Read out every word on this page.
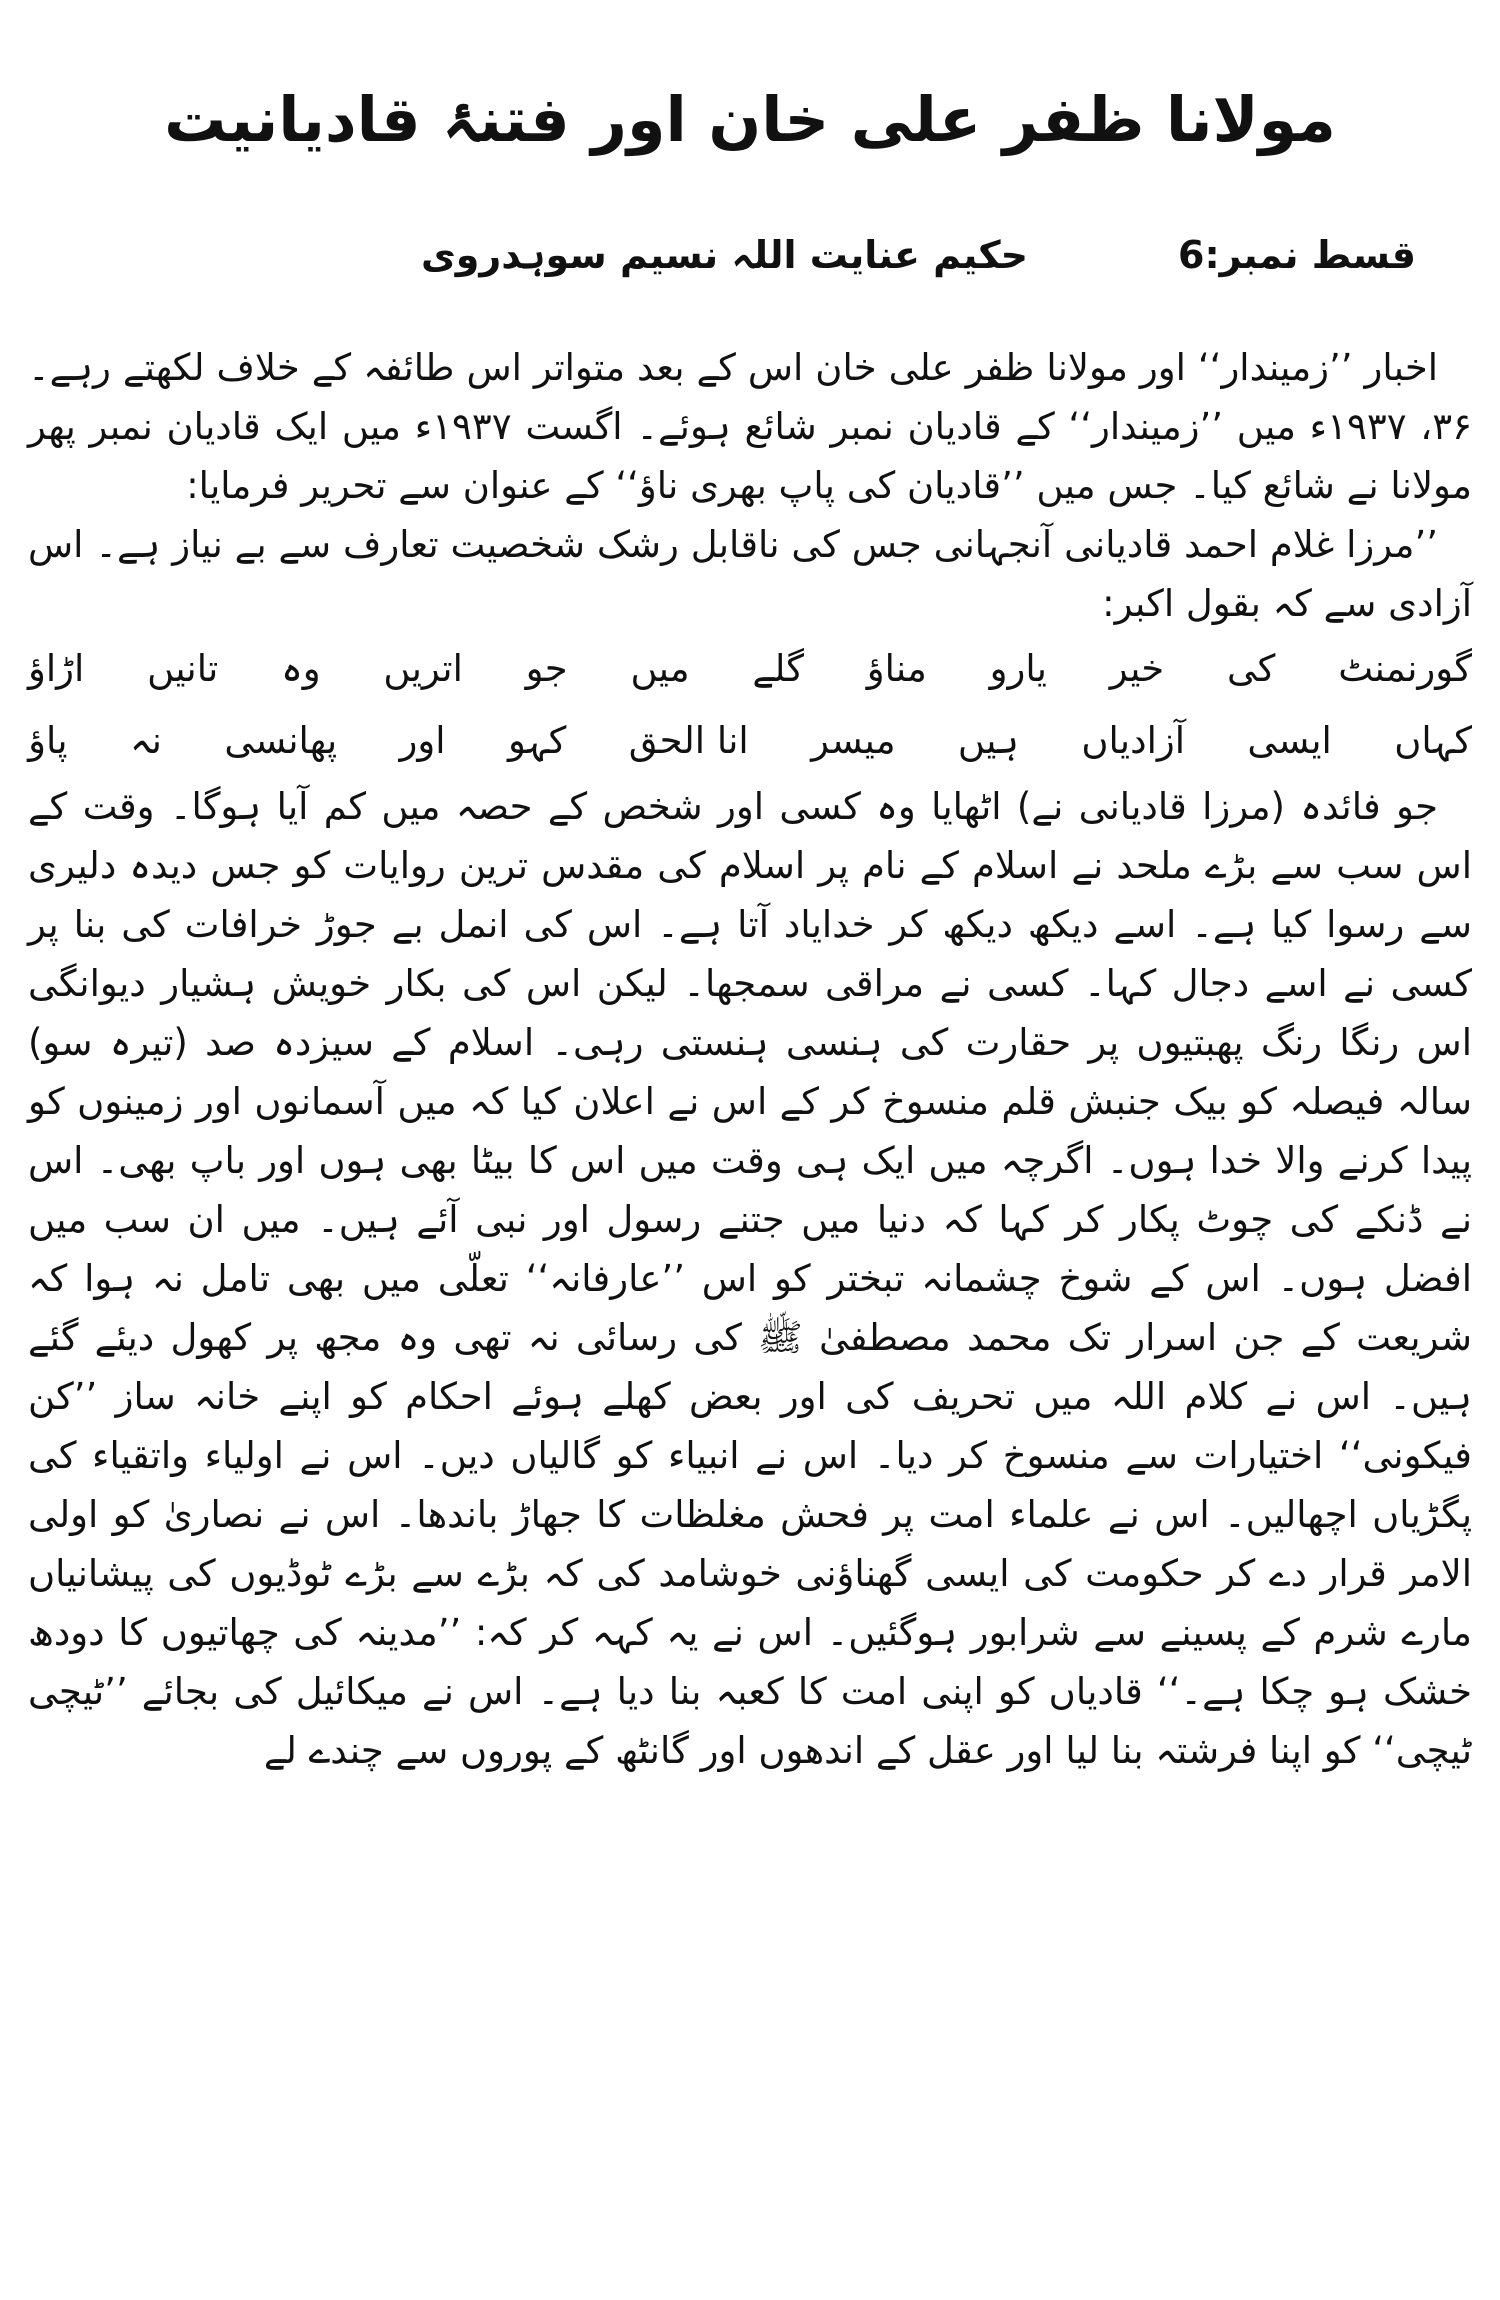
مولانا ظفر علی خان اور فتنۂ قادیانیت
قسط نمبر:6
حکیم عنایت اللہ نسیم سوہدروی

اخبار ’’زمیندار‘‘ اور مولانا ظفر علی خان اس کے بعد متواتر اس طائفہ کے خلاف لکھتے رہے۔ ۳۶، ۱۹۳۷ء میں ’’زمیندار‘‘ کے قادیان نمبر شائع ہوئے۔ اگست ۱۹۳۷ء میں ایک قادیان نمبر پھر مولانا نے شائع کیا۔ جس میں ’’قادیان کی پاپ بھری ناؤ‘‘ کے عنوان سے تحریر فرمایا:

’’مرزا غلام احمد قادیانی آنجہانی جس کی ناقابل رشک شخصیت تعارف سے بے نیاز ہے۔ اس آزادی سے کہ بقول اکبر:

گورنمنٹ
کی
خیر
یارو
مناؤ
گلے
میں
جو
اتریں
وہ
تانیں
اڑاؤ
کہاں
ایسی
آزادیاں
ہیں
میسر
انا الحق
کہو
اور
پھانسی
نہ
پاؤ

جو فائدہ (مرزا قادیانی نے) اٹھایا وہ کسی اور شخص کے حصہ میں کم آیا ہوگا۔ وقت کے اس سب سے بڑے ملحد نے اسلام کے نام پر اسلام کی مقدس ترین روایات کو جس دیدہ دلیری سے رسوا کیا ہے۔ اسے دیکھ دیکھ کر خدایاد آتا ہے۔ اس کی انمل بے جوڑ خرافات کی بنا پر کسی نے اسے دجال کہا۔ کسی نے مراقی سمجھا۔ لیکن اس کی بکار خویش ہشیار دیوانگی اس رنگا رنگ پھبتیوں پر حقارت کی ہنسی ہنستی رہی۔ اسلام کے سیزدہ صد (تیرہ سو) سالہ فیصلہ کو بیک جنبش قلم منسوخ کر کے اس نے اعلان کیا کہ میں آسمانوں اور زمینوں کو پیدا کرنے والا خدا ہوں۔ اگرچہ میں ایک ہی وقت میں اس کا بیٹا بھی ہوں اور باپ بھی۔ اس نے ڈنکے کی چوٹ پکار کر کہا کہ دنیا میں جتنے رسول اور نبی آئے ہیں۔ میں ان سب میں افضل ہوں۔ اس کے شوخ چشمانہ تبختر کو اس ’’عارفانہ‘‘ تعلّی میں بھی تامل نہ ہوا کہ شریعت کے جن اسرار تک محمد مصطفیٰ ﷺ کی رسائی نہ تھی وہ مجھ پر کھول دیئے گئے ہیں۔ اس نے کلام اللہ میں تحریف کی اور بعض کھلے ہوئے احکام کو اپنے خانہ ساز ’’کن فیکونی‘‘ اختیارات سے منسوخ کر دیا۔ اس نے انبیاء کو گالیاں دیں۔ اس نے اولیاء واتقیاء کی پگڑیاں اچھالیں۔ اس نے علماء امت پر فحش مغلظات کا جھاڑ باندھا۔ اس نے نصاریٰ کو اولی الامر قرار دے کر حکومت کی ایسی گھناؤنی خوشامد کی کہ بڑے سے بڑے ٹوڈیوں کی پیشانیاں مارے شرم کے پسینے سے شرابور ہوگئیں۔ اس نے یہ کہہ کر کہ: ’’مدینہ کی چھاتیوں کا دودھ خشک ہو چکا ہے۔‘‘ قادیاں کو اپنی امت کا کعبہ بنا دیا ہے۔ اس نے میکائیل کی بجائے ’’ٹیچی ٹیچی‘‘ کو اپنا فرشتہ بنا لیا اور عقل کے اندھوں اور گانٹھ کے پوروں سے چندے لے
